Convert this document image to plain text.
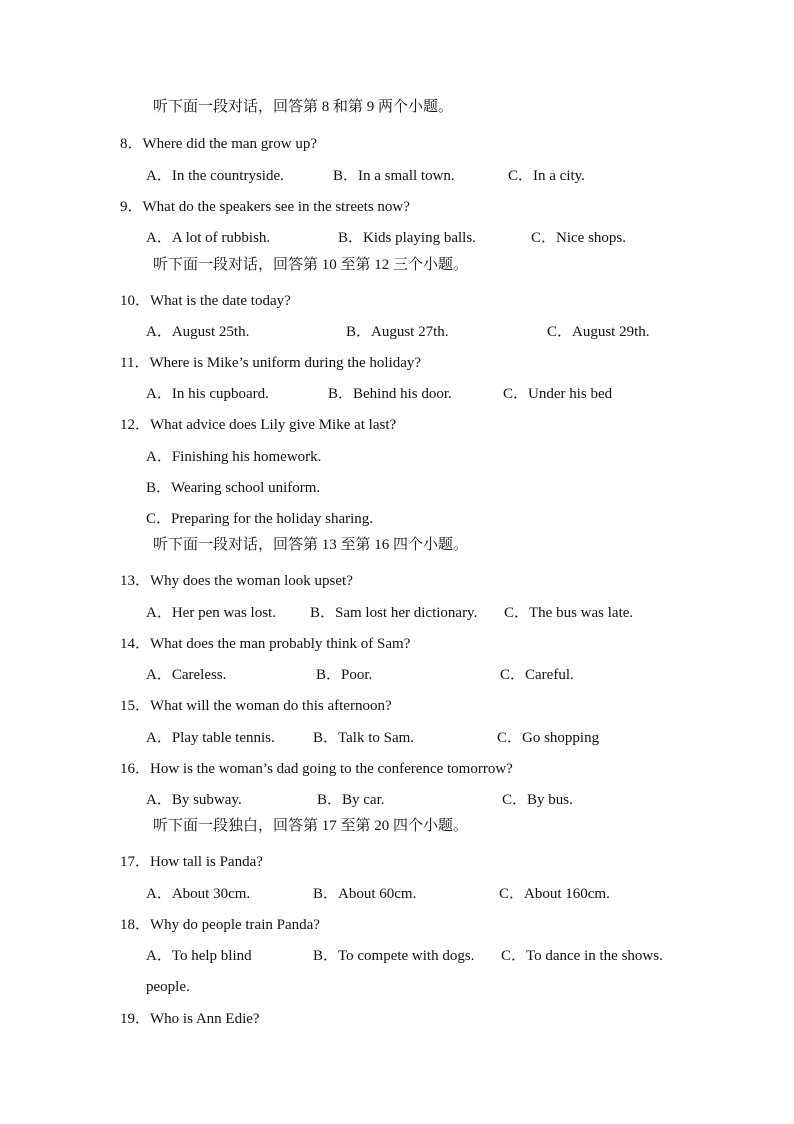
听下面一段对话，回答第 8 和第 9 两个小题。
8．Where did the man grow up?
A．In the countryside.	B．In a small town.	C．In a city.
9．What do the speakers see in the streets now?
A．A lot of rubbish.	B．Kids playing balls.	C．Nice shops.
听下面一段对话，回答第 10 至第 12 三个小题。
10．What is the date today?
A．August 25th.	B．August 27th.	C．August 29th.
11．Where is Mike’s uniform during the holiday?
A．In his cupboard.	B．Behind his door.	C．Under his bed
12．What advice does Lily give Mike at last?
A．Finishing his homework.
B．Wearing school uniform.
C．Preparing for the holiday sharing.
听下面一段对话，回答第 13 至第 16 四个小题。
13．Why does the woman look upset?
A．Her pen was lost. B．Sam lost her dictionary. C．The bus was late.
14．What does the man probably think of Sam?
A．Careless.	B．Poor.	C．Careful.
15．What will the woman do this afternoon?
A．Play table tennis.	B．Talk to Sam.	C．Go shopping
16．How is the woman’s dad going to the conference tomorrow?
A．By subway.	B．By car.	C．By bus.
听下面一段独白，回答第 17 至第 20 四个小题。
17．How tall is Panda?
A．About 30cm.	B．About 60cm.	C．About 160cm.
18．Why do people train Panda?
A．To help blind	B．To compete with dogs. C．To dance in the shows.
people.
19．Who is Ann Edie?
